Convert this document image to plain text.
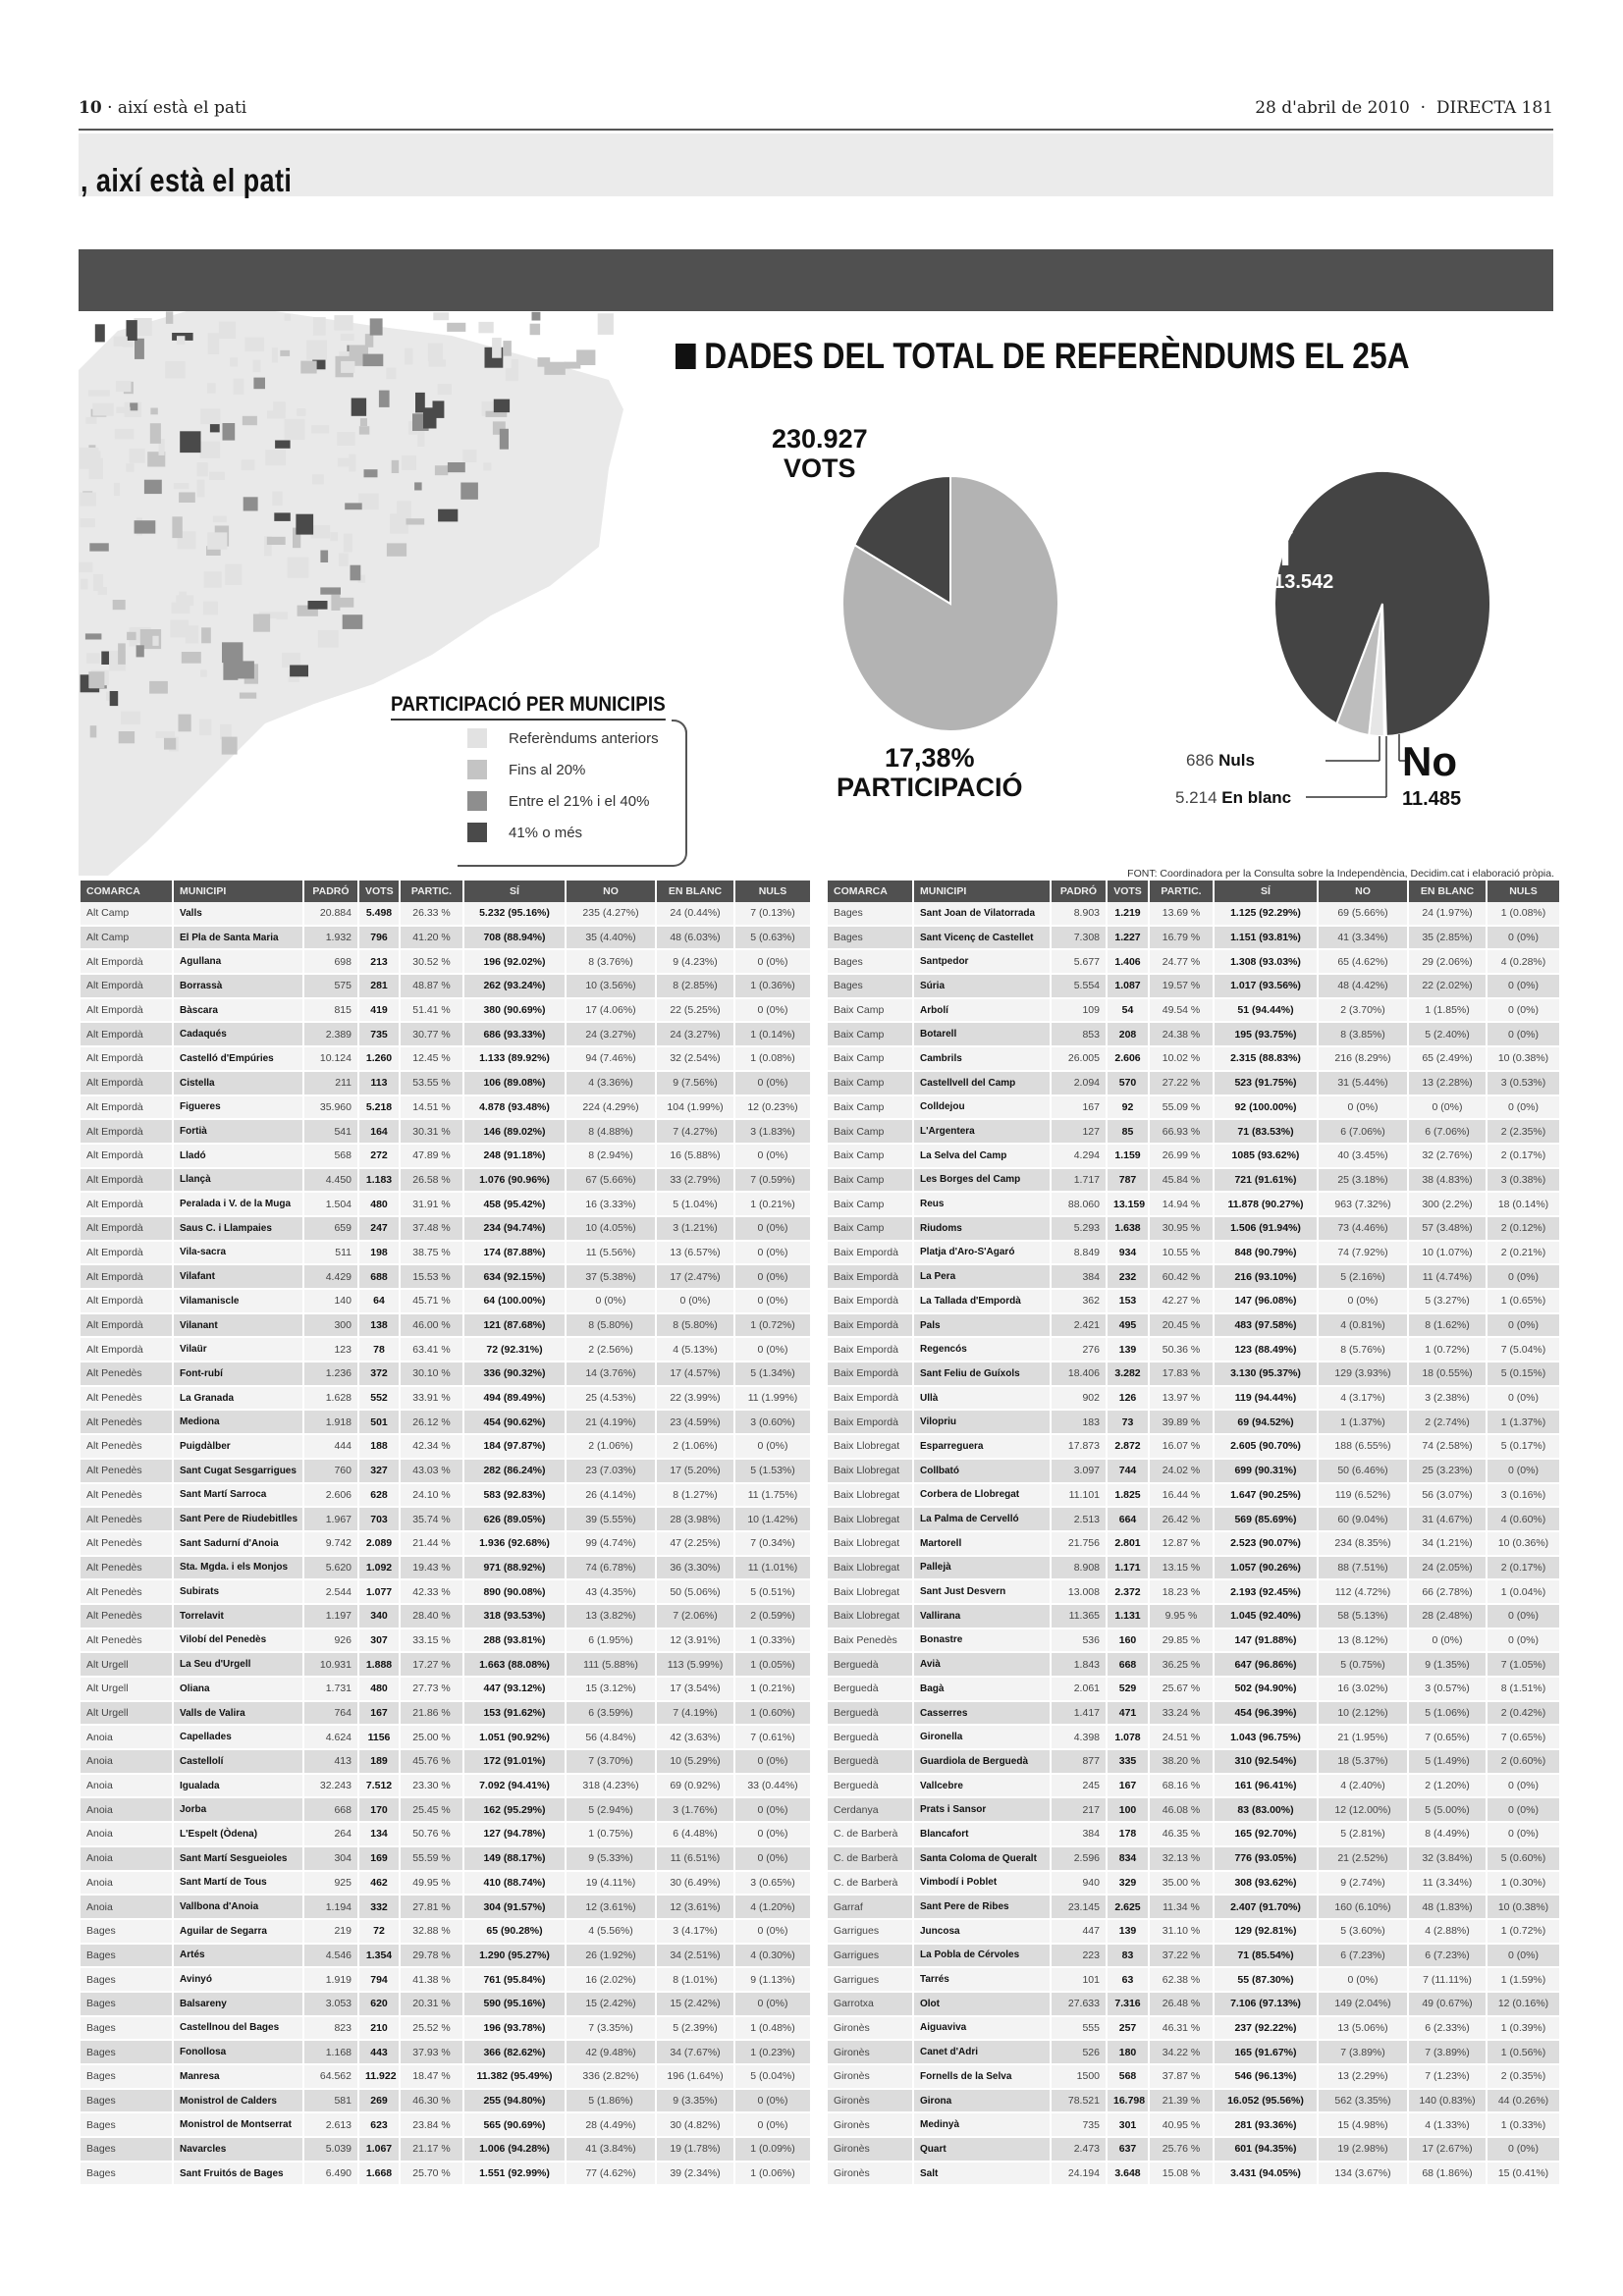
10 · així està el pati	28 d'abril de 2010 · DIRECTA 181
, així està el pati
PARTICIPACIÓ PER MUNICIPIS
Referèndums anteriors
Fins al 20%
Entre el 21% i el 40%
41% o més
DADES DEL TOTAL DE REFERÈNDUMS EL 25A
230.927
VOTS
17,38%
PARTICIPACIÓ
Sí
213.542
No
11.485
686 Nuls
5.214 En blanc
FONT: Coordinadora per la Consulta sobre la Independència, Decidim.cat i elaboració pròpia.
COMARCA	MUNICIPI	PADRÓ	VOTS	PARTIC.	SÍ	NO	EN BLANC	NULS
Alt Camp	Valls	20.884	5.498	26.33 %	5.232 (95.16%)	235 (4.27%)	24 (0.44%)	7 (0.13%)
Alt Camp	El Pla de Santa Maria	1.932	796	41.20 %	708 (88.94%)	35 (4.40%)	48 (6.03%)	5 (0.63%)
Alt Empordà	Agullana	698	213	30.52 %	196 (92.02%)	8 (3.76%)	9 (4.23%)	0 (0%)
Alt Empordà	Borrassà	575	281	48.87 %	262 (93.24%)	10 (3.56%)	8 (2.85%)	1 (0.36%)
Alt Empordà	Bàscara	815	419	51.41 %	380 (90.69%)	17 (4.06%)	22 (5.25%)	0 (0%)
Alt Empordà	Cadaqués	2.389	735	30.77 %	686 (93.33%)	24 (3.27%)	24 (3.27%)	1 (0.14%)
Alt Empordà	Castelló d'Empúries	10.124	1.260	12.45 %	1.133 (89.92%)	94 (7.46%)	32 (2.54%)	1 (0.08%)
Alt Empordà	Cistella	211	113	53.55 %	106 (89.08%)	4 (3.36%)	9 (7.56%)	0 (0%)
Alt Empordà	Figueres	35.960	5.218	14.51 %	4.878 (93.48%)	224 (4.29%)	104 (1.99%)	12 (0.23%)
Alt Empordà	Fortià	541	164	30.31 %	146 (89.02%)	8 (4.88%)	7 (4.27%)	3 (1.83%)
Alt Empordà	Lladó	568	272	47.89 %	248 (91.18%)	8 (2.94%)	16 (5.88%)	0 (0%)
Alt Empordà	Llançà	4.450	1.183	26.58 %	1.076 (90.96%)	67 (5.66%)	33 (2.79%)	7 (0.59%)
Alt Empordà	Peralada i V. de la Muga	1.504	480	31.91 %	458 (95.42%)	16 (3.33%)	5 (1.04%)	1 (0.21%)
Alt Empordà	Saus C. i Llampaies	659	247	37.48 %	234 (94.74%)	10 (4.05%)	3 (1.21%)	0 (0%)
Alt Empordà	Vila-sacra	511	198	38.75 %	174 (87.88%)	11 (5.56%)	13 (6.57%)	0 (0%)
Alt Empordà	Vilafant	4.429	688	15.53 %	634 (92.15%)	37 (5.38%)	17 (2.47%)	0 (0%)
Alt Empordà	Vilamaniscle	140	64	45.71 %	64 (100.00%)	0 (0%)	0 (0%)	0 (0%)
Alt Empordà	Vilanant	300	138	46.00 %	121 (87.68%)	8 (5.80%)	8 (5.80%)	1 (0.72%)
Alt Empordà	Vilaür	123	78	63.41 %	72 (92.31%)	2 (2.56%)	4 (5.13%)	0 (0%)
Alt Penedès	Font-rubí	1.236	372	30.10 %	336 (90.32%)	14 (3.76%)	17 (4.57%)	5 (1.34%)
Alt Penedès	La Granada	1.628	552	33.91 %	494 (89.49%)	25 (4.53%)	22 (3.99%)	11 (1.99%)
Alt Penedès	Mediona	1.918	501	26.12 %	454 (90.62%)	21 (4.19%)	23 (4.59%)	3 (0.60%)
Alt Penedès	Puigdàlber	444	188	42.34 %	184 (97.87%)	2 (1.06%)	2 (1.06%)	0 (0%)
Alt Penedès	Sant Cugat Sesgarrigues	760	327	43.03 %	282 (86.24%)	23 (7.03%)	17 (5.20%)	5 (1.53%)
Alt Penedès	Sant Martí Sarroca	2.606	628	24.10 %	583 (92.83%)	26 (4.14%)	8 (1.27%)	11 (1.75%)
Alt Penedès	Sant Pere de Riudebitlles	1.967	703	35.74 %	626 (89.05%)	39 (5.55%)	28 (3.98%)	10 (1.42%)
Alt Penedès	Sant Sadurní d'Anoia	9.742	2.089	21.44 %	1.936 (92.68%)	99 (4.74%)	47 (2.25%)	7 (0.34%)
Alt Penedès	Sta. Mgda. i els Monjos	5.620	1.092	19.43 %	971 (88.92%)	74 (6.78%)	36 (3.30%)	11 (1.01%)
Alt Penedès	Subirats	2.544	1.077	42.33 %	890 (90.08%)	43 (4.35%)	50 (5.06%)	5 (0.51%)
Alt Penedès	Torrelavit	1.197	340	28.40 %	318 (93.53%)	13 (3.82%)	7 (2.06%)	2 (0.59%)
Alt Penedès	Vilobí del Penedès	926	307	33.15 %	288 (93.81%)	6 (1.95%)	12 (3.91%)	1 (0.33%)
Alt Urgell	La Seu d'Urgell	10.931	1.888	17.27 %	1.663 (88.08%)	111 (5.88%)	113 (5.99%)	1 (0.05%)
Alt Urgell	Oliana	1.731	480	27.73 %	447 (93.12%)	15 (3.12%)	17 (3.54%)	1 (0.21%)
Alt Urgell	Valls de Valira	764	167	21.86 %	153 (91.62%)	6 (3.59%)	7 (4.19%)	1 (0.60%)
Anoia	Capellades	4.624	1156	25.00 %	1.051 (90.92%)	56 (4.84%)	42 (3.63%)	7 (0.61%)
Anoia	Castellolí	413	189	45.76 %	172 (91.01%)	7 (3.70%)	10 (5.29%)	0 (0%)
Anoia	Igualada	32.243	7.512	23.30 %	7.092 (94.41%)	318 (4.23%)	69 (0.92%)	33 (0.44%)
Anoia	Jorba	668	170	25.45 %	162 (95.29%)	5 (2.94%)	3 (1.76%)	0 (0%)
Anoia	L'Espelt (Òdena)	264	134	50.76 %	127 (94.78%)	1 (0.75%)	6 (4.48%)	0 (0%)
Anoia	Sant Martí Sesgueioles	304	169	55.59 %	149 (88.17%)	9 (5.33%)	11 (6.51%)	0 (0%)
Anoia	Sant Martí de Tous	925	462	49.95 %	410 (88.74%)	19 (4.11%)	30 (6.49%)	3 (0.65%)
Anoia	Vallbona d'Anoia	1.194	332	27.81 %	304 (91.57%)	12 (3.61%)	12 (3.61%)	4 (1.20%)
Bages	Aguilar de Segarra	219	72	32.88 %	65 (90.28%)	4 (5.56%)	3 (4.17%)	0 (0%)
Bages	Artés	4.546	1.354	29.78 %	1.290 (95.27%)	26 (1.92%)	34 (2.51%)	4 (0.30%)
Bages	Avinyó	1.919	794	41.38 %	761 (95.84%)	16 (2.02%)	8 (1.01%)	9 (1.13%)
Bages	Balsareny	3.053	620	20.31 %	590 (95.16%)	15 (2.42%)	15 (2.42%)	0 (0%)
Bages	Castellnou del Bages	823	210	25.52 %	196 (93.78%)	7 (3.35%)	5 (2.39%)	1 (0.48%)
Bages	Fonollosa	1.168	443	37.93 %	366 (82.62%)	42 (9.48%)	34 (7.67%)	1 (0.23%)
Bages	Manresa	64.562	11.922	18.47 %	11.382 (95.49%)	336 (2.82%)	196 (1.64%)	5 (0.04%)
Bages	Monistrol de Calders	581	269	46.30 %	255 (94.80%)	5 (1.86%)	9 (3.35%)	0 (0%)
Bages	Monistrol de Montserrat	2.613	623	23.84 %	565 (90.69%)	28 (4.49%)	30 (4.82%)	0 (0%)
Bages	Navarcles	5.039	1.067	21.17 %	1.006 (94.28%)	41 (3.84%)	19 (1.78%)	1 (0.09%)
Bages	Sant Fruitós de Bages	6.490	1.668	25.70 %	1.551 (92.99%)	77 (4.62%)	39 (2.34%)	1 (0.06%)
COMARCA	MUNICIPI	PADRÓ	VOTS	PARTIC.	SÍ	NO	EN BLANC	NULS
Bages	Sant Joan de Vilatorrada	8.903	1.219	13.69 %	1.125 (92.29%)	69 (5.66%)	24 (1.97%)	1 (0.08%)
Bages	Sant Vicenç de Castellet	7.308	1.227	16.79 %	1.151 (93.81%)	41 (3.34%)	35 (2.85%)	0 (0%)
Bages	Santpedor	5.677	1.406	24.77 %	1.308 (93.03%)	65 (4.62%)	29 (2.06%)	4 (0.28%)
Bages	Súria	5.554	1.087	19.57 %	1.017 (93.56%)	48 (4.42%)	22 (2.02%)	0 (0%)
Baix Camp	Arbolí	109	54	49.54 %	51 (94.44%)	2 (3.70%)	1 (1.85%)	0 (0%)
Baix Camp	Botarell	853	208	24.38 %	195 (93.75%)	8 (3.85%)	5 (2.40%)	0 (0%)
Baix Camp	Cambrils	26.005	2.606	10.02 %	2.315 (88.83%)	216 (8.29%)	65 (2.49%)	10 (0.38%)
Baix Camp	Castellvell del Camp	2.094	570	27.22 %	523 (91.75%)	31 (5.44%)	13 (2.28%)	3 (0.53%)
Baix Camp	Colldejou	167	92	55.09 %	92 (100.00%)	0 (0%)	0 (0%)	0 (0%)
Baix Camp	L'Argentera	127	85	66.93 %	71 (83.53%)	6 (7.06%)	6 (7.06%)	2 (2.35%)
Baix Camp	La Selva del Camp	4.294	1.159	26.99 %	1085 (93.62%)	40 (3.45%)	32 (2.76%)	2 (0.17%)
Baix Camp	Les Borges del Camp	1.717	787	45.84 %	721 (91.61%)	25 (3.18%)	38 (4.83%)	3 (0.38%)
Baix Camp	Reus	88.060	13.159	14.94 %	11.878 (90.27%)	963 (7.32%)	300 (2.2%)	18 (0.14%)
Baix Camp	Riudoms	5.293	1.638	30.95 %	1.506 (91.94%)	73 (4.46%)	57 (3.48%)	2 (0.12%)
Baix Empordà	Platja d'Aro-S'Agaró	8.849	934	10.55 %	848 (90.79%)	74 (7.92%)	10 (1.07%)	2 (0.21%)
Baix Empordà	La Pera	384	232	60.42 %	216 (93.10%)	5 (2.16%)	11 (4.74%)	0 (0%)
Baix Empordà	La Tallada d'Empordà	362	153	42.27 %	147 (96.08%)	0 (0%)	5 (3.27%)	1 (0.65%)
Baix Empordà	Pals	2.421	495	20.45 %	483 (97.58%)	4 (0.81%)	8 (1.62%)	0 (0%)
Baix Empordà	Regencós	276	139	50.36 %	123 (88.49%)	8 (5.76%)	1 (0.72%)	7 (5.04%)
Baix Empordà	Sant Feliu de Guíxols	18.406	3.282	17.83 %	3.130 (95.37%)	129 (3.93%)	18 (0.55%)	5 (0.15%)
Baix Empordà	Ullà	902	126	13.97 %	119 (94.44%)	4 (3.17%)	3 (2.38%)	0 (0%)
Baix Empordà	Vilopriu	183	73	39.89 %	69 (94.52%)	1 (1.37%)	2 (2.74%)	1 (1.37%)
Baix Llobregat	Esparreguera	17.873	2.872	16.07 %	2.605 (90.70%)	188 (6.55%)	74 (2.58%)	5 (0.17%)
Baix Llobregat	Collbató	3.097	744	24.02 %	699 (90.31%)	50 (6.46%)	25 (3.23%)	0 (0%)
Baix Llobregat	Corbera de Llobregat	11.101	1.825	16.44 %	1.647 (90.25%)	119 (6.52%)	56 (3.07%)	3 (0.16%)
Baix Llobregat	La Palma de Cervelló	2.513	664	26.42 %	569 (85.69%)	60 (9.04%)	31 (4.67%)	4 (0.60%)
Baix Llobregat	Martorell	21.756	2.801	12.87 %	2.523 (90.07%)	234 (8.35%)	34 (1.21%)	10 (0.36%)
Baix Llobregat	Pallejà	8.908	1.171	13.15 %	1.057 (90.26%)	88 (7.51%)	24 (2.05%)	2 (0.17%)
Baix Llobregat	Sant Just Desvern	13.008	2.372	18.23 %	2.193 (92.45%)	112 (4.72%)	66 (2.78%)	1 (0.04%)
Baix Llobregat	Vallirana	11.365	1.131	9.95 %	1.045 (92.40%)	58 (5.13%)	28 (2.48%)	0 (0%)
Baix Penedès	Bonastre	536	160	29.85 %	147 (91.88%)	13 (8.12%)	0 (0%)	0 (0%)
Berguedà	Avià	1.843	668	36.25 %	647 (96.86%)	5 (0.75%)	9 (1.35%)	7 (1.05%)
Berguedà	Bagà	2.061	529	25.67 %	502 (94.90%)	16 (3.02%)	3 (0.57%)	8 (1.51%)
Berguedà	Casserres	1.417	471	33.24 %	454 (96.39%)	10 (2.12%)	5 (1.06%)	2 (0.42%)
Berguedà	Gironella	4.398	1.078	24.51 %	1.043 (96.75%)	21 (1.95%)	7 (0.65%)	7 (0.65%)
Berguedà	Guardiola de Berguedà	877	335	38.20 %	310 (92.54%)	18 (5.37%)	5 (1.49%)	2 (0.60%)
Berguedà	Vallcebre	245	167	68.16 %	161 (96.41%)	4 (2.40%)	2 (1.20%)	0 (0%)
Cerdanya	Prats i Sansor	217	100	46.08 %	83 (83.00%)	12 (12.00%)	5 (5.00%)	0 (0%)
C. de Barberà	Blancafort	384	178	46.35 %	165 (92.70%)	5 (2.81%)	8 (4.49%)	0 (0%)
C. de Barberà	Santa Coloma de Queralt	2.596	834	32.13 %	776 (93.05%)	21 (2.52%)	32 (3.84%)	5 (0.60%)
C. de Barberà	Vimbodí i Poblet	940	329	35.00 %	308 (93.62%)	9 (2.74%)	11 (3.34%)	1 (0.30%)
Garraf	Sant Pere de Ribes	23.145	2.625	11.34 %	2.407 (91.70%)	160 (6.10%)	48 (1.83%)	10 (0.38%)
Garrigues	Juncosa	447	139	31.10 %	129 (92.81%)	5 (3.60%)	4 (2.88%)	1 (0.72%)
Garrigues	La Pobla de Cérvoles	223	83	37.22 %	71 (85.54%)	6 (7.23%)	6 (7.23%)	0 (0%)
Garrigues	Tarrés	101	63	62.38 %	55 (87.30%)	0 (0%)	7 (11.11%)	1 (1.59%)
Garrotxa	Olot	27.633	7.316	26.48 %	7.106 (97.13%)	149 (2.04%)	49 (0.67%)	12 (0.16%)
Gironès	Aiguaviva	555	257	46.31 %	237 (92.22%)	13 (5.06%)	6 (2.33%)	1 (0.39%)
Gironès	Canet d'Adri	526	180	34.22 %	165 (91.67%)	7 (3.89%)	7 (3.89%)	1 (0.56%)
Gironès	Fornells de la Selva	1500	568	37.87 %	546 (96.13%)	13 (2.29%)	7 (1.23%)	2 (0.35%)
Gironès	Girona	78.521	16.798	21.39 %	16.052 (95.56%)	562 (3.35%)	140 (0.83%)	44 (0.26%)
Gironès	Medinyà	735	301	40.95 %	281 (93.36%)	15 (4.98%)	4 (1.33%)	1 (0.33%)
Gironès	Quart	2.473	637	25.76 %	601 (94.35%)	19 (2.98%)	17 (2.67%)	0 (0%)
Gironès	Salt	24.194	3.648	15.08 %	3.431 (94.05%)	134 (3.67%)	68 (1.86%)	15 (0.41%)
